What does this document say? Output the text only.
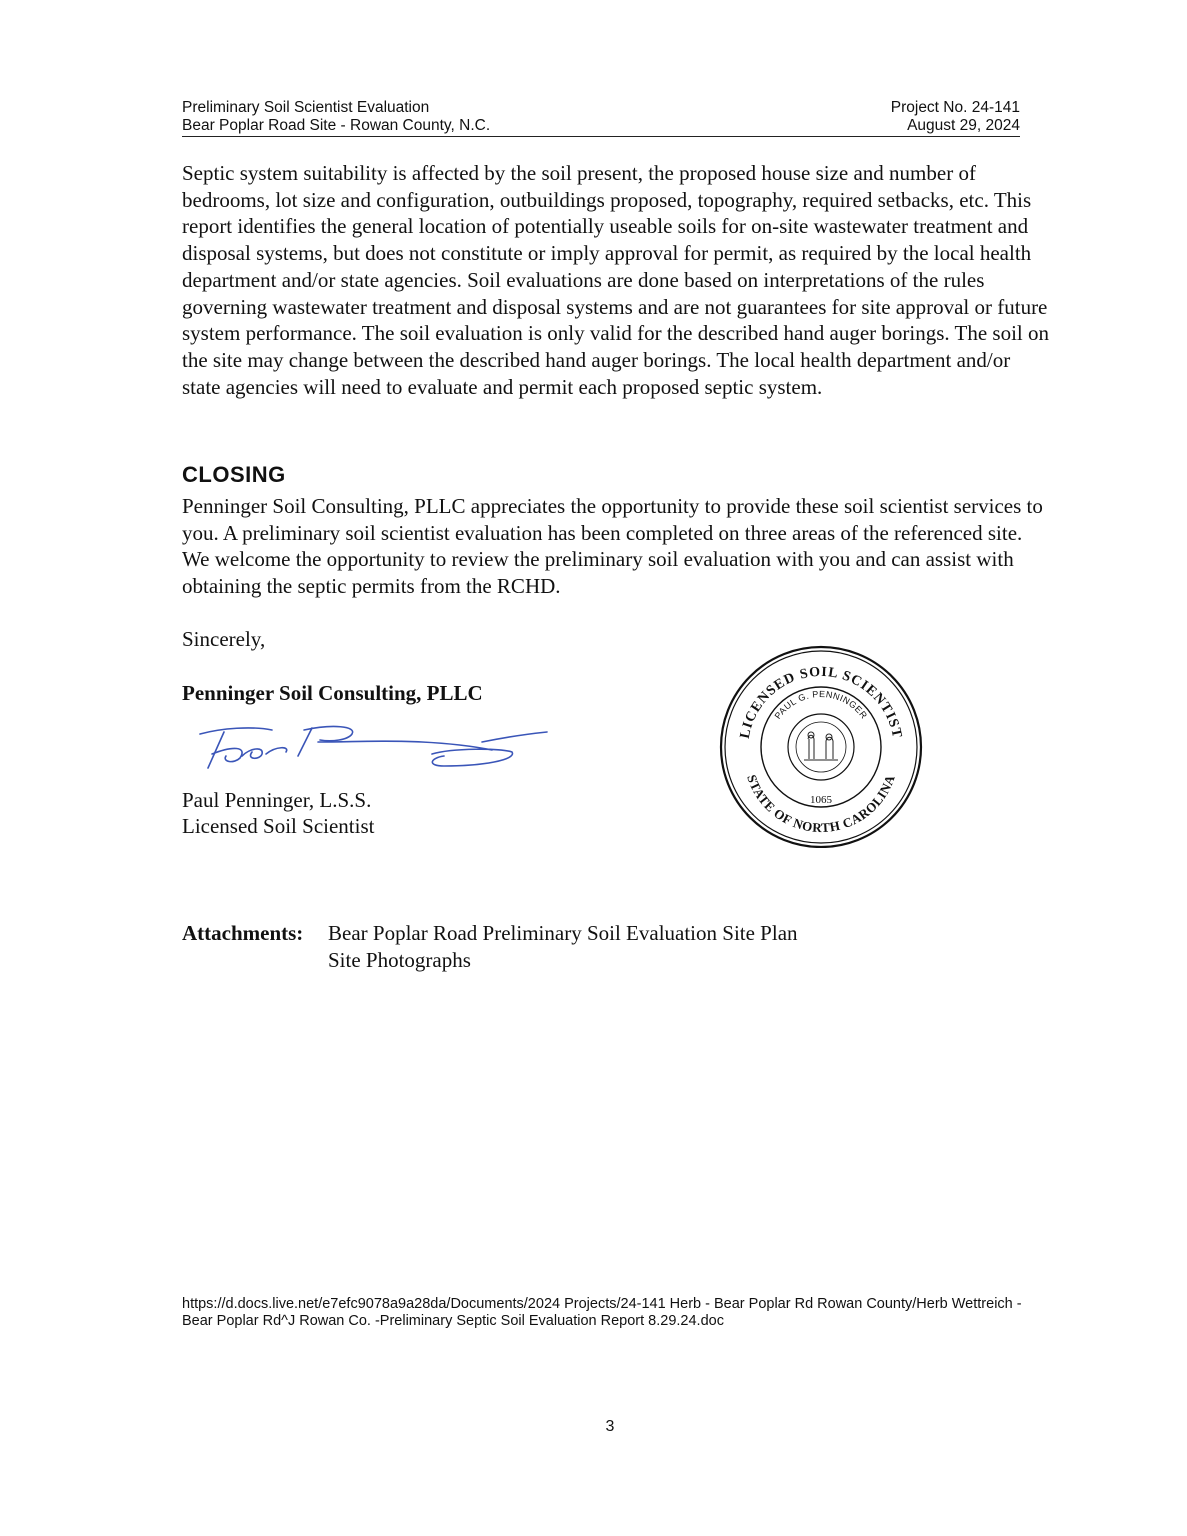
Preliminary Soil Scientist Evaluation	Project No. 24-141
Bear Poplar Road Site - Rowan County, N.C.	August 29, 2024
Septic system suitability is affected by the soil present, the proposed house size and number of bedrooms, lot size and configuration, outbuildings proposed, topography, required setbacks, etc. This report identifies the general location of potentially useable soils for on-site wastewater treatment and disposal systems, but does not constitute or imply approval for permit, as required by the local health department and/or state agencies. Soil evaluations are done based on interpretations of the rules governing wastewater treatment and disposal systems and are not guarantees for site approval or future system performance. The soil evaluation is only valid for the described hand auger borings. The soil on the site may change between the described hand auger borings. The local health department and/or state agencies will need to evaluate and permit each proposed septic system.
CLOSING
Penninger Soil Consulting, PLLC appreciates the opportunity to provide these soil scientist services to you. A preliminary soil scientist evaluation has been completed on three areas of the referenced site. We welcome the opportunity to review the preliminary soil evaluation with you and can assist with obtaining the septic permits from the RCHD.
Sincerely,
Penninger Soil Consulting, PLLC
Paul Penninger, L.S.S.
Licensed Soil Scientist
LICENSED SOIL SCIENTIST
PAUL G. PENNINGER
1065
STATE OF NORTH CAROLINA
Attachments:	Bear Poplar Road Preliminary Soil Evaluation Site Plan
Site Photographs
https://d.docs.live.net/e7efc9078a9a28da/Documents/2024 Projects/24-141 Herb - Bear Poplar Rd Rowan County/Herb Wettreich -
Bear Poplar Rd^J Rowan Co. -Preliminary Septic Soil Evaluation Report 8.29.24.doc
3
